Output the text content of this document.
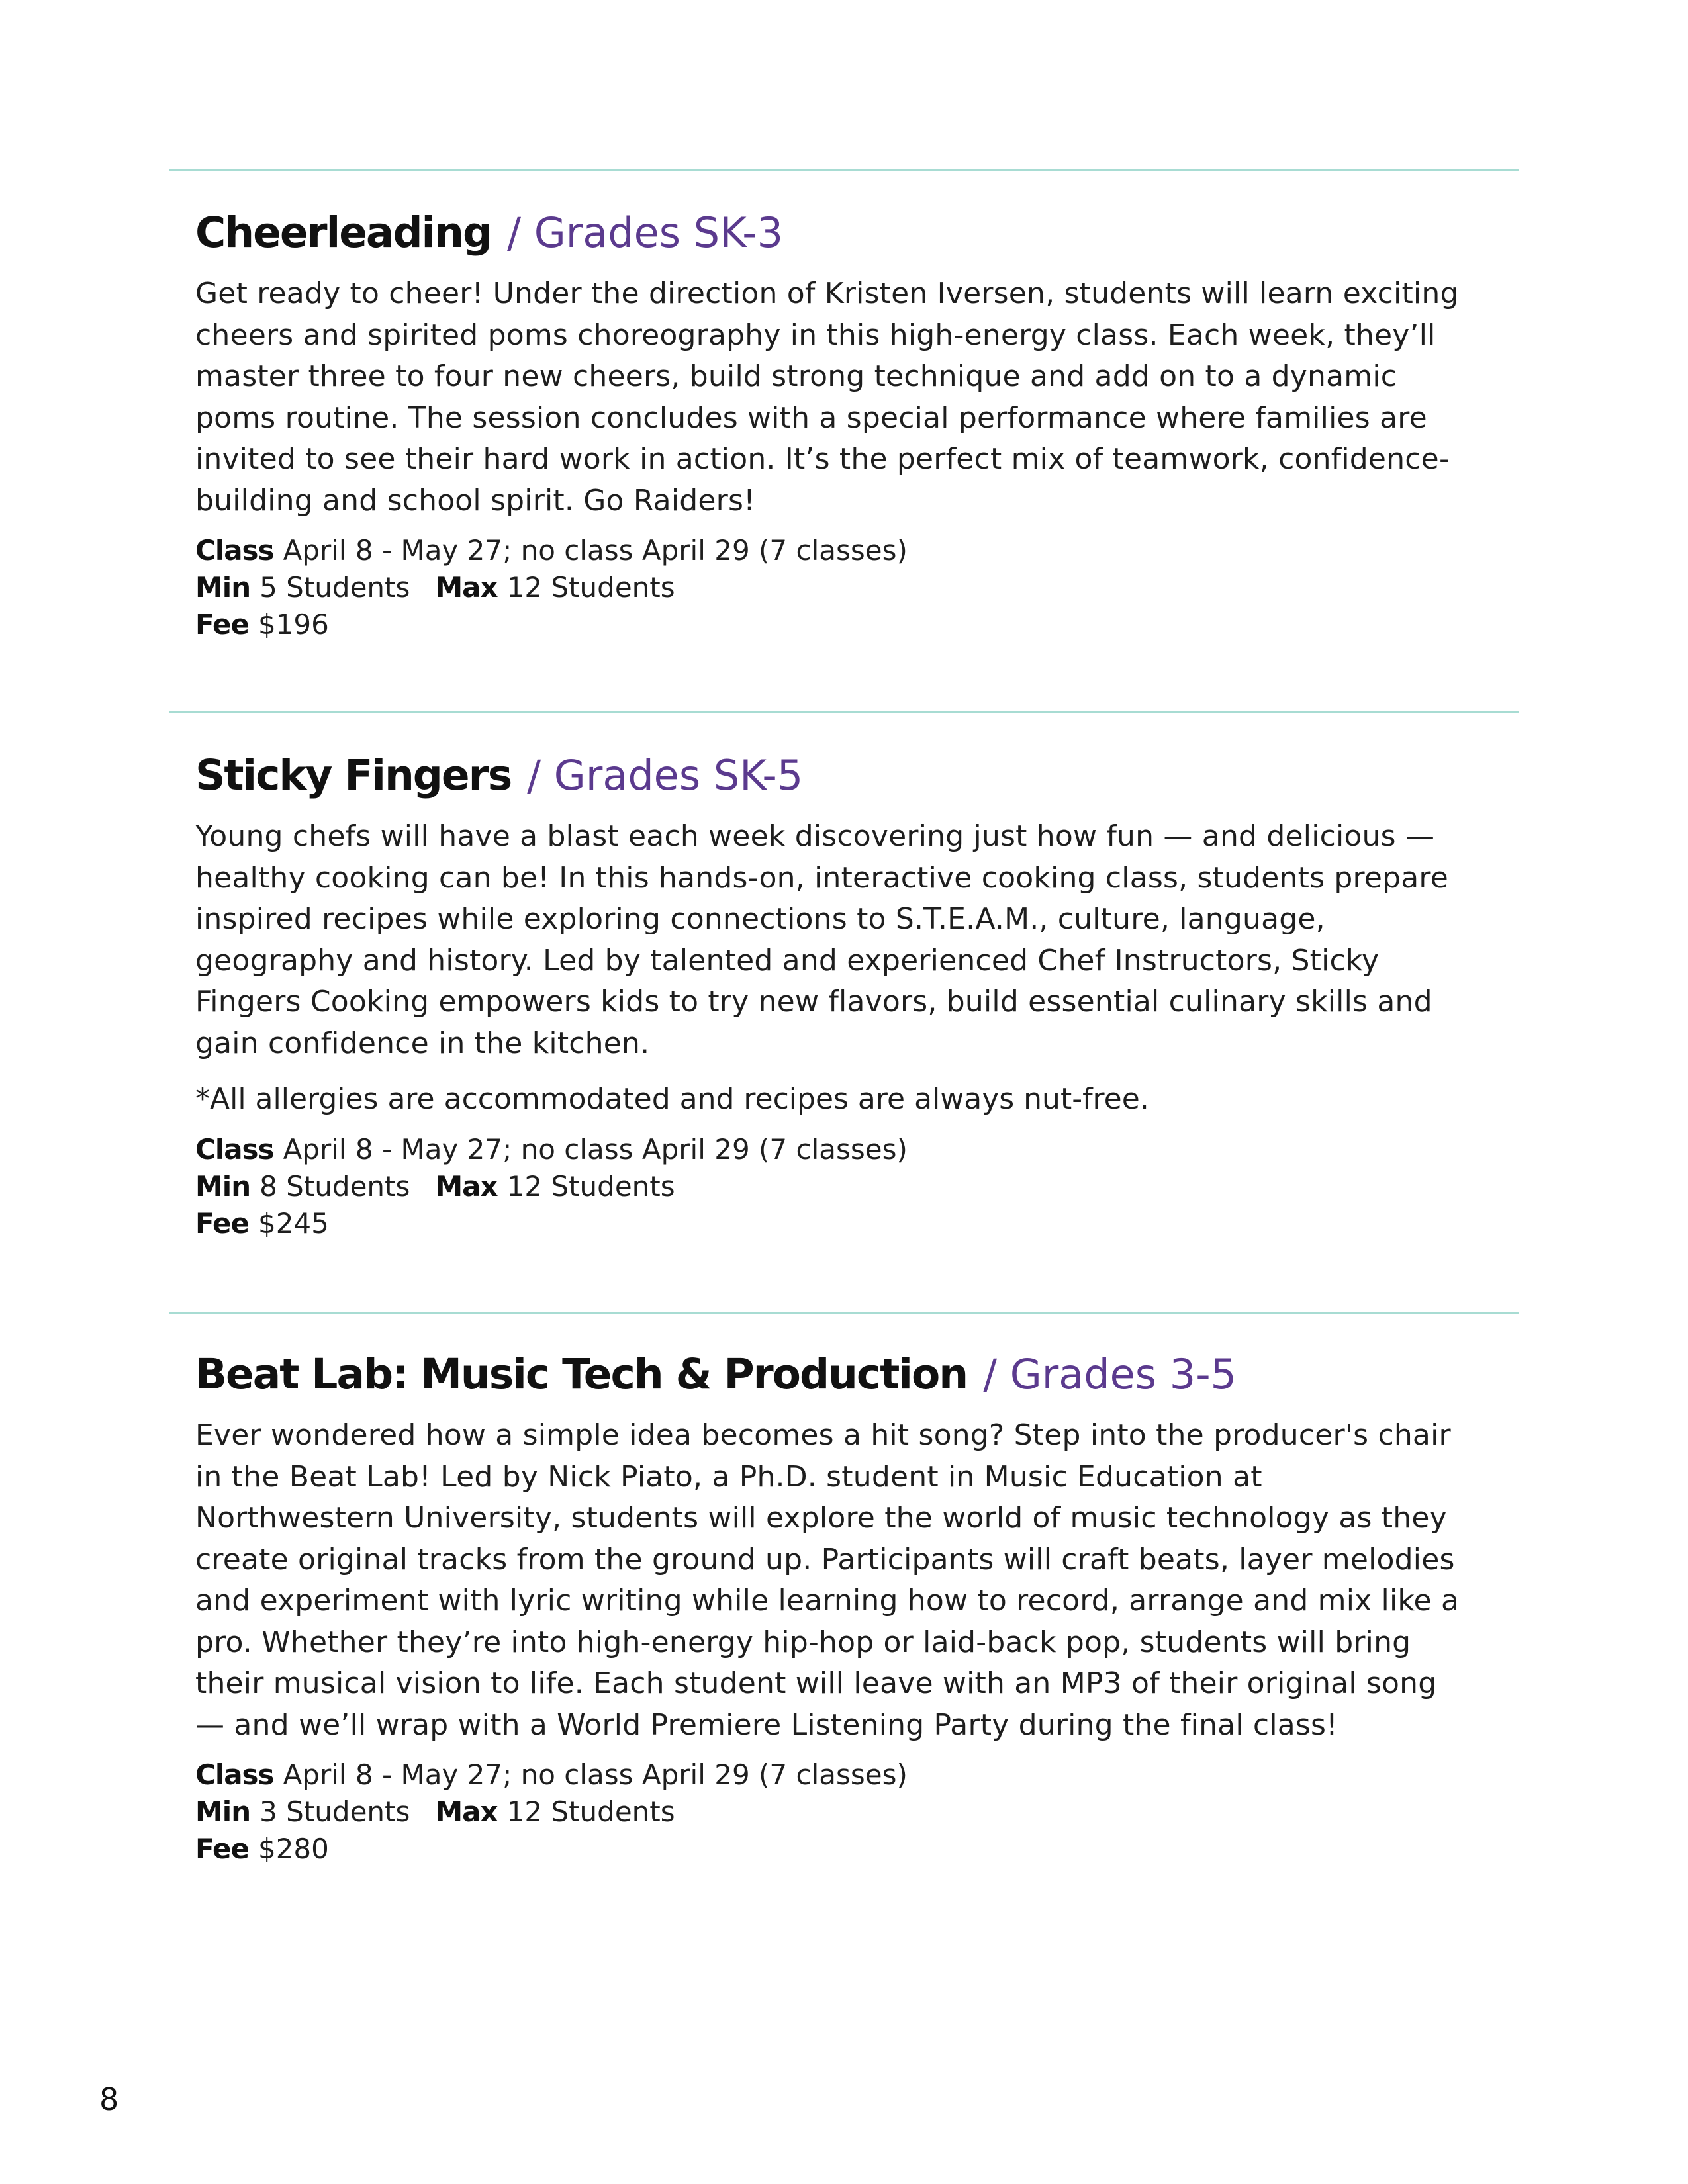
Cheerleading / Grades SK-3
Get ready to cheer! Under the direction of Kristen Iversen, students will learn exciting
cheers and spirited poms choreography in this high-energy class. Each week, they’ll
master three to four new cheers, build strong technique and add on to a dynamic
poms routine. The session concludes with a special performance where families are
invited to see their hard work in action. It’s the perfect mix of teamwork, confidence-
building and school spirit. Go Raiders!
Class April 8 - May 27; no class April 29 (7 classes)
Min 5 Students Max 12 Students
Fee $196
Sticky Fingers / Grades SK-5
Young chefs will have a blast each week discovering just how fun — and delicious —
healthy cooking can be! In this hands-on, interactive cooking class, students prepare
inspired recipes while exploring connections to S.T.E.A.M., culture, language,
geography and history. Led by talented and experienced Chef Instructors, Sticky
Fingers Cooking empowers kids to try new flavors, build essential culinary skills and
gain confidence in the kitchen.
*All allergies are accommodated and recipes are always nut-free.
Class April 8 - May 27; no class April 29 (7 classes)
Min 8 Students Max 12 Students
Fee $245
Beat Lab: Music Tech & Production / Grades 3-5
Ever wondered how a simple idea becomes a hit song? Step into the producer's chair
in the Beat Lab! Led by Nick Piato, a Ph.D. student in Music Education at
Northwestern University, students will explore the world of music technology as they
create original tracks from the ground up. Participants will craft beats, layer melodies
and experiment with lyric writing while learning how to record, arrange and mix like a
pro. Whether they’re into high-energy hip-hop or laid-back pop, students will bring
their musical vision to life. Each student will leave with an MP3 of their original song
— and we’ll wrap with a World Premiere Listening Party during the final class!
Class April 8 - May 27; no class April 29 (7 classes)
Min 3 Students Max 12 Students
Fee $280
8
